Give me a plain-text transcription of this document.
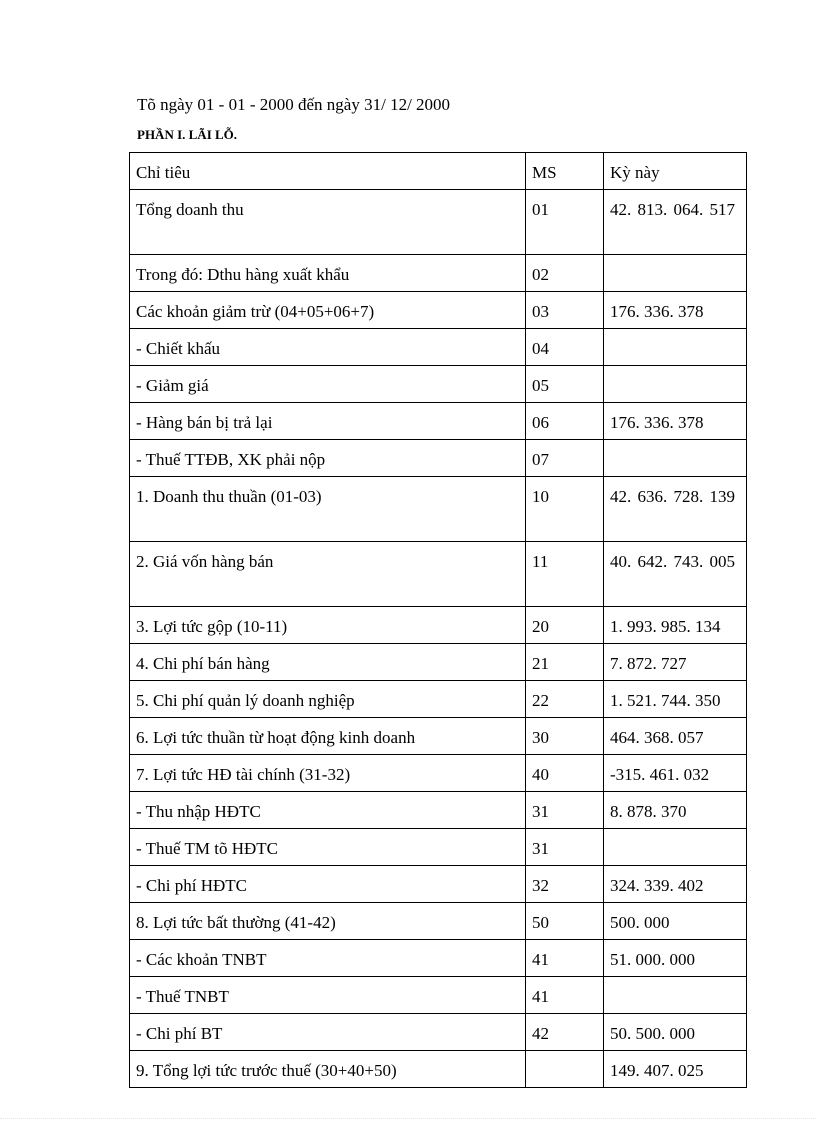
Tõ ngày 01 - 01 - 2000 đến ngày 31/ 12/ 2000
PHẦN I. LÃI LỖ.
Chỉ tiêu	MS	Kỳ này
Tổng doanh thu	01	42. 813. 064. 517
Trong đó: Dthu hàng xuất khẩu	02	
Các khoản giảm trừ (04+05+06+7)	03	176. 336. 378
- Chiết khấu	04	
- Giảm giá	05	
- Hàng bán bị trả lại	06	176. 336. 378
- Thuế TTĐB, XK phải nộp	07	
1. Doanh thu thuần (01-03)	10	42. 636. 728. 139
2. Giá vốn hàng bán	11	40. 642. 743. 005
3. Lợi tức gộp (10-11)	20	1. 993. 985. 134
4. Chi phí bán hàng	21	7. 872. 727
5. Chi phí quản lý doanh nghiệp	22	1. 521. 744. 350
6. Lợi tức thuần từ hoạt động kinh doanh	30	464. 368. 057
7. Lợi tức HĐ tài chính (31-32)	40	-315. 461. 032
- Thu nhập HĐTC	31	8. 878. 370
- Thuế TM tõ HĐTC	31	
- Chi phí HĐTC	32	324. 339. 402
8. Lợi tức bất thường (41-42)	50	500. 000
- Các khoản TNBT	41	51. 000. 000
- Thuế TNBT	41	
- Chi phí BT	42	50. 500. 000
9. Tổng lợi tức trước thuế (30+40+50)		149. 407. 025
